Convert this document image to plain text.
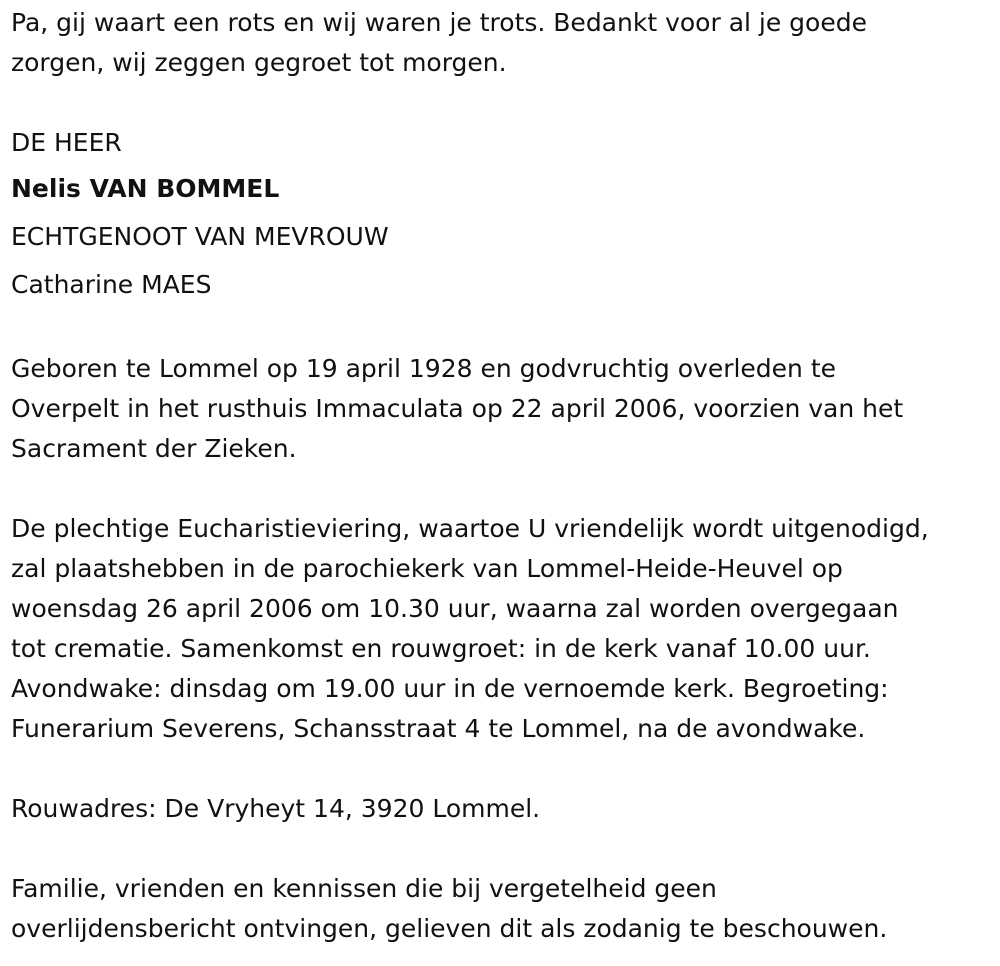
Pa, gij waart een rots en wij waren je trots. Bedankt voor al je goede
zorgen, wij zeggen gegroet tot morgen.

DE HEER
Nelis VAN BOMMEL
ECHTGENOOT VAN MEVROUW
Catharine MAES

Geboren te Lommel op 19 april 1928 en godvruchtig overleden te
Overpelt in het rusthuis Immaculata op 22 april 2006, voorzien van het
Sacrament der Zieken.

De plechtige Eucharistieviering, waartoe U vriendelijk wordt uitgenodigd,
zal plaatshebben in de parochiekerk van Lommel-Heide-Heuvel op
woensdag 26 april 2006 om 10.30 uur, waarna zal worden overgegaan
tot crematie. Samenkomst en rouwgroet: in de kerk vanaf 10.00 uur.
Avondwake: dinsdag om 19.00 uur in de vernoemde kerk. Begroeting:
Funerarium Severens, Schansstraat 4 te Lommel, na de avondwake.

Rouwadres: De Vryheyt 14, 3920 Lommel.

Familie, vrienden en kennissen die bij vergetelheid geen
overlijdensbericht ontvingen, gelieven dit als zodanig te beschouwen.
